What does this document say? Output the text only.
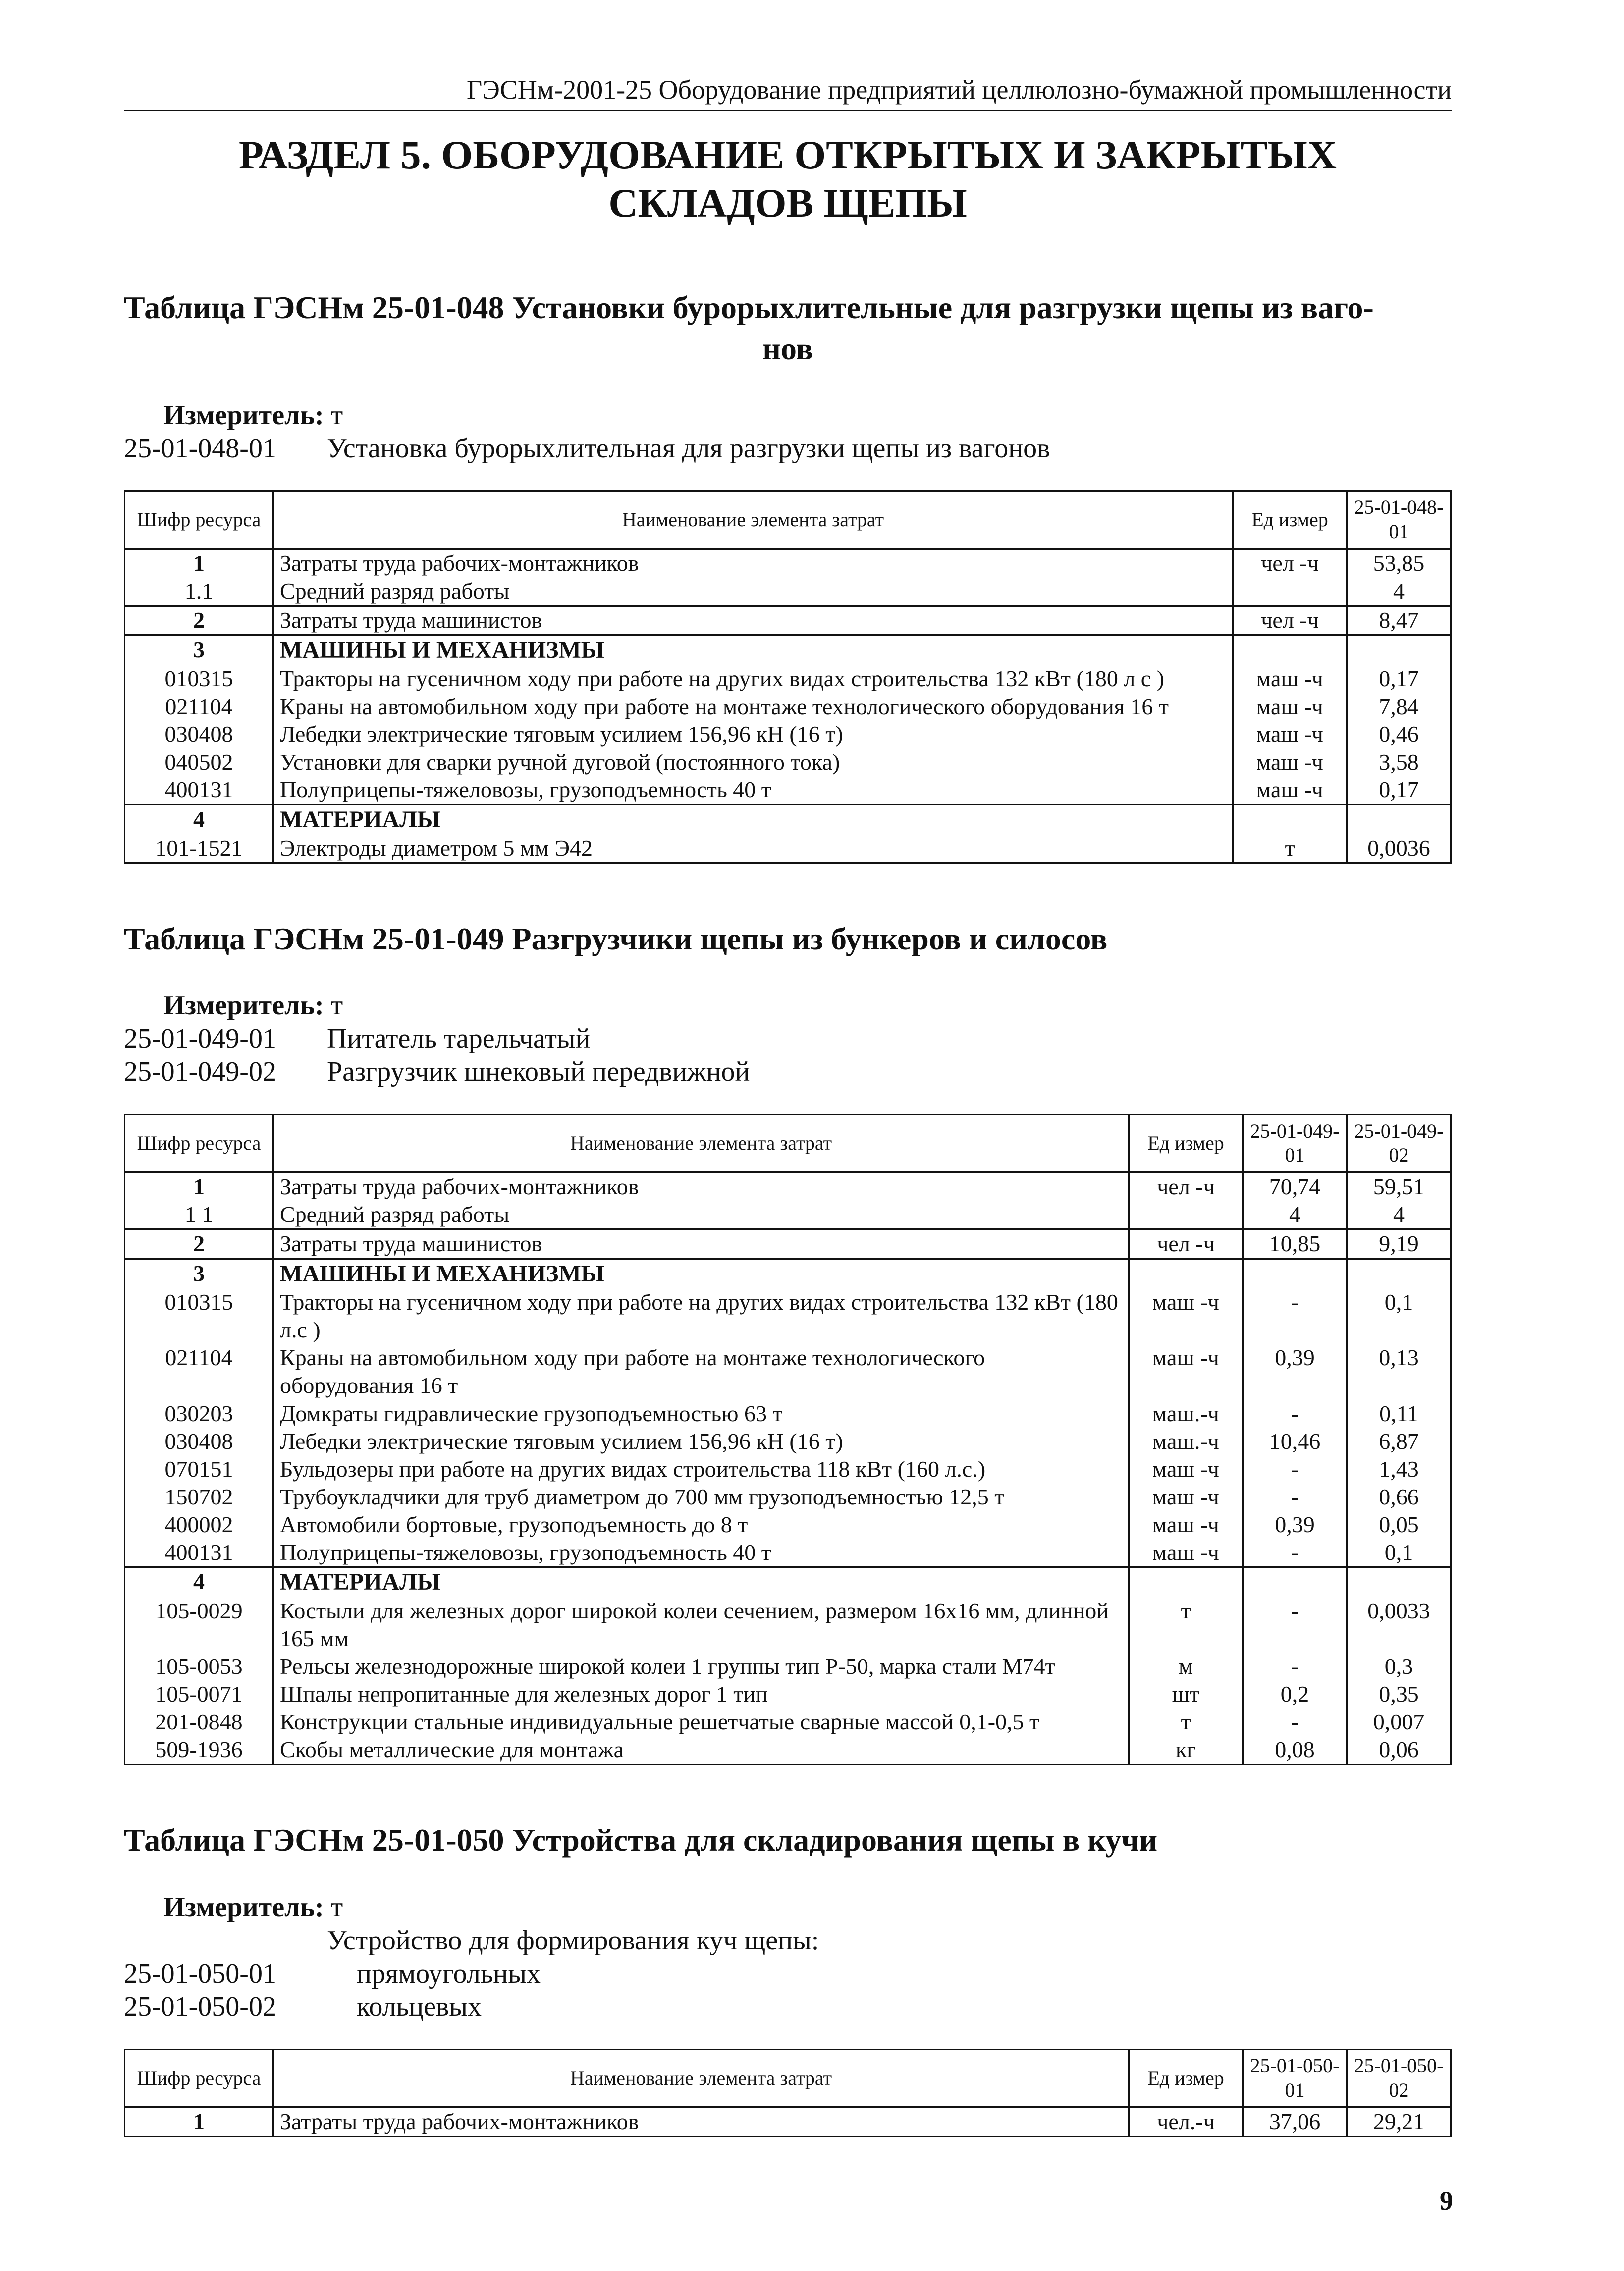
ГЭСНм-2001-25 Оборудование предприятий целлюлозно-бумажной промышленности
РАЗДЕЛ 5. ОБОРУДОВАНИЕ ОТКРЫТЫХ И ЗАКРЫТЫХ СКЛАДОВ ЩЕПЫ
Таблица ГЭСНм 25-01-048 Установки бурорыхлительные для разгрузки щепы из ваго-
нов
Измеритель: т
25-01-048-01	Установка бурорыхлительная для разгрузки щепы из вагонов
Шифр ресурса	Наименование элемента затрат	Ед измер	25-01-048-01
1	Затраты труда рабочих-монтажников	чел -ч	53,85
1.1	Средний разряд работы		4
2	Затраты труда машинистов	чел -ч	8,47
3	МАШИНЫ И МЕХАНИЗМЫ		
010315	Тракторы на гусеничном ходу при работе на других видах строительства 132 кВт (180 л с )	маш -ч	0,17
021104	Краны на автомобильном ходу при работе на монтаже технологического оборудования 16 т	маш -ч	7,84
030408	Лебедки электрические тяговым усилием 156,96 кН (16 т)	маш -ч	0,46
040502	Установки для сварки ручной дуговой (постоянного тока)	маш -ч	3,58
400131	Полуприцепы-тяжеловозы, грузоподъемность 40 т	маш -ч	0,17
4	МАТЕРИАЛЫ		
101-1521	Электроды диаметром 5 мм Э42	т	0,0036
Таблица ГЭСНм 25-01-049 Разгрузчики щепы из бункеров и силосов
Измеритель: т
25-01-049-01	Питатель тарельчатый
25-01-049-02	Разгрузчик шнековый передвижной
Шифр ресурса	Наименование элемента затрат	Ед измер	25-01-049-01	25-01-049-02
1	Затраты труда рабочих-монтажников	чел -ч	70,74	59,51
1 1	Средний разряд работы		4	4
2	Затраты труда машинистов	чел -ч	10,85	9,19
3	МАШИНЫ И МЕХАНИЗМЫ			
010315	Тракторы на гусеничном ходу при работе на других видах строительства 132 кВт (180 л.с )	маш -ч	-	0,1
021104	Краны на автомобильном ходу при работе на монтаже технологического оборудования 16 т	маш -ч	0,39	0,13
030203	Домкраты гидравлические грузоподъемностью 63 т	маш.-ч	-	0,11
030408	Лебедки электрические тяговым усилием 156,96 кН (16 т)	маш.-ч	10,46	6,87
070151	Бульдозеры при работе на других видах строительства 118 кВт (160 л.с.)	маш -ч	-	1,43
150702	Трубоукладчики для труб диаметром до 700 мм грузоподъемностью 12,5 т	маш -ч	-	0,66
400002	Автомобили бортовые, грузоподъемность до 8 т	маш -ч	0,39	0,05
400131	Полуприцепы-тяжеловозы, грузоподъемность 40 т	маш -ч	-	0,1
4	МАТЕРИАЛЫ			
105-0029	Костыли для железных дорог широкой колеи сечением, размером 16х16 мм, длинной 165 мм	т	-	0,0033
105-0053	Рельсы железнодорожные широкой колеи 1 группы тип Р-50, марка стали М74т	м	-	0,3
105-0071	Шпалы непропитанные для железных дорог 1 тип	шт	0,2	0,35
201-0848	Конструкции стальные индивидуальные решетчатые сварные массой 0,1-0,5 т	т	-	0,007
509-1936	Скобы металлические для монтажа	кг	0,08	0,06
Таблица ГЭСНм 25-01-050 Устройства для складирования щепы в кучи
Измеритель: т
Устройство для формирования куч щепы:
25-01-050-01	прямоугольных
25-01-050-02	кольцевых
Шифр ресурса	Наименование элемента затрат	Ед измер	25-01-050-01	25-01-050-02
1	Затраты труда рабочих-монтажников	чел.-ч	37,06	29,21
9
